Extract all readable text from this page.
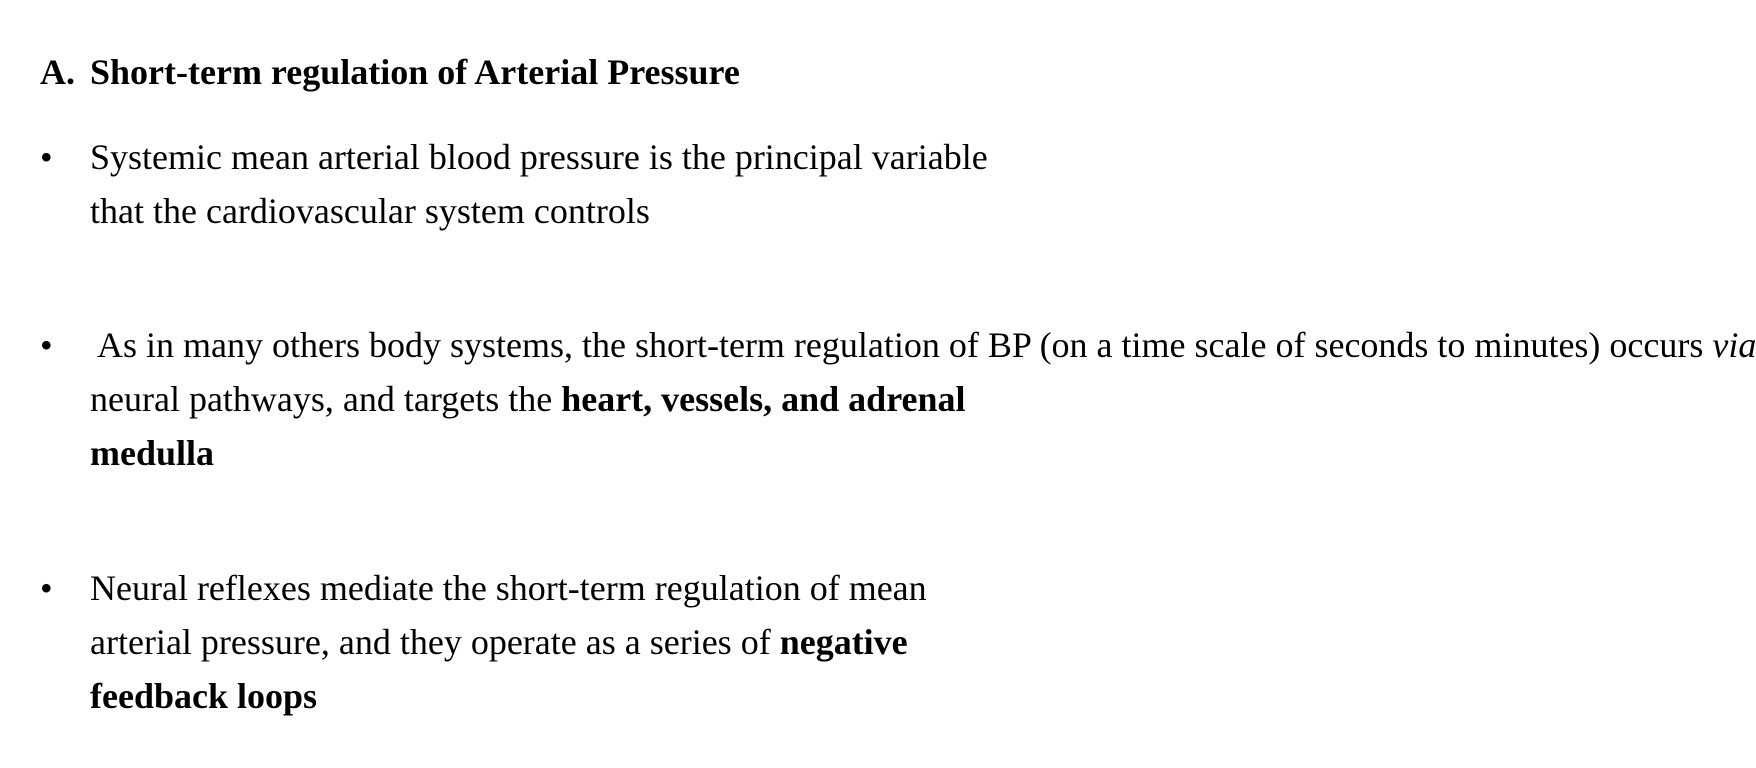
A. Short-term regulation of Arterial Pressure
•	Systemic mean arterial blood pressure is the principal variable that the cardiovascular system controls
•	As in many others body systems, the short-term regulation of BP (on a time scale of seconds to minutes) occurs via neural pathways, and targets the heart, vessels, and adrenal medulla
•	Neural reflexes mediate the short-term regulation of mean arterial pressure, and they operate as a series of negative feedback loops
